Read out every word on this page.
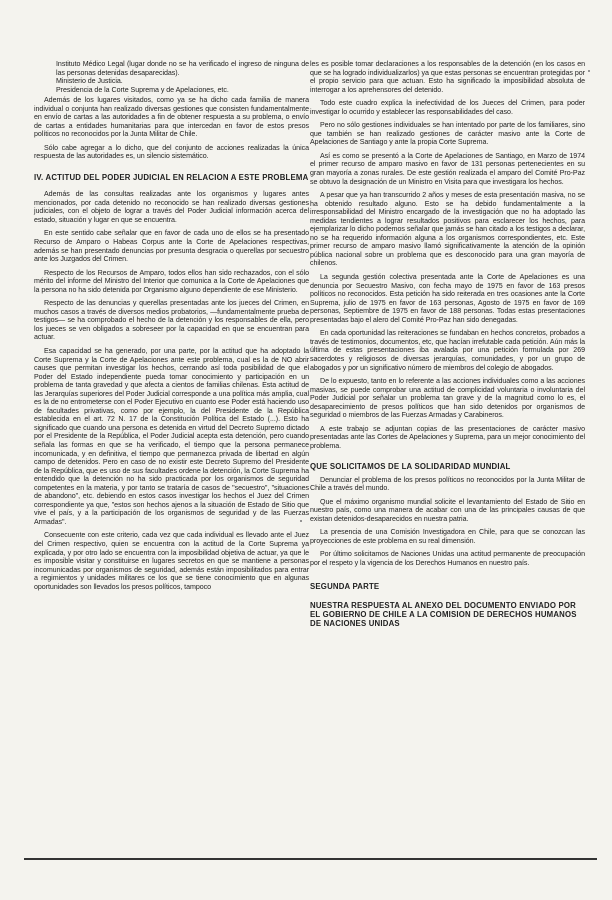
Instituto Médico Legal (lugar donde no se ha verificado el ingreso de ninguna de las personas detenidas desaparecidas).

Ministerio de Justicia.

Presidencia de la Corte Suprema y de Apelaciones, etc.

Además de los lugares visitados, como ya se ha dicho cada familia de manera individual o conjunta han realizado diversas gestiones que consisten fundamentalmente en envío de cartas a las autoridades a fin de obtener respuesta a su problema, o envío de cartas a entidades humanitarias para que intercedan en favor de estos presos políticos no reconocidos por la Junta Militar de Chile.

Sólo cabe agregar a lo dicho, que del conjunto de acciones realizadas la única respuesta de las autoridades es, un silencio sistemático.

IV. ACTITUD DEL PODER JUDICIAL EN RELACION A ESTE PROBLEMA

Además de las consultas realizadas ante los organismos y lugares antes mencionados, por cada detenido no reconocido se han realizado diversas gestiones judiciales, con el objeto de lograr a través del Poder Judicial información acerca del estado, situación y lugar en que se encuentra.

En este sentido cabe señalar que en favor de cada uno de ellos se ha presentado Recurso de Amparo o Habeas Corpus ante la Corte de Apelaciones respectivas, además se han presentado denuncias por presunta desgracia o querellas por secuestro ante los Juzgados del Crimen.

Respecto de los Recursos de Amparo, todos ellos han sido rechazados, con el sólo mérito del informe del Ministro del Interior que comunica a la Corte de Apelaciones que la persona no ha sido detenida por Organismo alguno dependiente de ese Ministerio.

Respecto de las denuncias y querellas presentadas ante los jueces del Crimen, en muchos casos a través de diversos medios probatorios, —fundamentalmente prueba de testigos— se ha comprobado el hecho de la detención y los responsables de ella, pero los jueces se ven obligados a sobreseer por la capacidad en que se encuentran para actuar.

Esa capacidad se ha generado, por una parte, por la actitud que ha adoptado la Corte Suprema y la Corte de Apelaciones ante este problema, cual es la de NO abrir causes que permitan investigar los hechos, cerrando así toda posibilidad de que el Poder del Estado independiente pueda tomar conocimiento y participación en un problema de tanta gravedad y que afecta a cientos de familias chilenas. Esta actitud de las Jerarquías superiores del Poder Judicial corresponde a una política más amplia, cual es la de no entrometerse con el Poder Ejecutivo en cuanto ese Poder está haciendo uso de facultades privativas, como por ejemplo, la del Presidente de la República establecida en el art. 72 N. 17 de la Constitución Política del Estado (...). Esto ha significado que cuando una persona es detenida en virtud del Decreto Supremo dictado por el Presidente de la República, el Poder Judicial acepta esta detención, pero cuando señala las formas en que se ha verificado, el tiempo que la persona permanece incomunicada, y en definitiva, el tiempo que permanezca privada de libertad en algún campo de detenidos. Pero en caso de no existir este Decreto Supremo del Presidente de la República, que es uso de sus facultades ordene la detención, la Corte Suprema ha entendido que la detención no ha sido practicada por los organismos de seguridad competentes en la materia, y por tanto se trataría de casos de "secuestro", "situaciones de abandono", etc. debiendo en estos casos investigar los hechos el Juez del Crimen correspondiente ya que, "estos son hechos ajenos a la situación de Estado de Sitio que vive el país, y a la participación de los organismos de seguridad y de las Fuerzas Armadas".

Consecuente con este criterio, cada vez que cada individual es llevado ante el Juez del Crimen respectivo, quien se encuentra con la actitud de la Corte Suprema ya explicada, y por otro lado se encuentra con la imposibilidad objetiva de actuar, ya que le es imposible visitar y constituirse en lugares secretos en que se mantiene a personas incomunicadas por organismos de seguridad, además están imposibilitados para entrar a regimientos y unidades militares ce los que se tiene conocimiento que en algunas oportunidades son llevados los presos políticos, tampoco

les es posible tomar declaraciones a los responsables de la detención (en los casos en que se ha logrado individualizarlos) ya que estas personas se encuentran protegidas por el propio servicio para que actuan. Esto ha significado la imposibilidad absoluta de interrogar a los aprehensores del detenido.

Todo este cuadro explica la inefectividad de los Jueces del Crimen, para poder investigar lo ocurrido y establecer las responsabilidades del caso.

Pero no sólo gestiones individuales se han intentado por parte de los familiares, sino que también se han realizado gestiones de carácter masivo ante la Corte de Apelaciones de Santiago y ante la propia Corte Suprema.

Así es como se presentó a la Corte de Apelaciones de Santiago, en Marzo de 1974 el primer recurso de amparo masivo en favor de 131 personas pertenecientes en su gran mayoría a zonas rurales. De este gestión realizada el amparo del Comité Pro-Paz se obtuvo la designación de un Ministro en Visita para que investigara los hechos.

A pesar que ya han transcurrido 2 años y meses de esta presentación masiva, no se ha obtenido resultado alguno. Esto se ha debido fundamentalmente a la irresponsabilidad del Ministro encargado de la investigación que no ha adoptado las medidas tendientes a lograr resultados positivos para esclarecer los hechos, para ejemplarizar lo dicho podemos señalar que jamás se han citado a los testigos a declarar, no se ha requerido información alguna a los organismos correspondientes, etc. Este primer recurso de amparo masivo llamó significativamente la atención de la opinión pública nacional sobre un problema que es desconocido para una gran mayoría de chilenos.

La segunda gestión colectiva presentada ante la Corte de Apelaciones es una denuncia por Secuestro Masivo, con fecha mayo de 1975 en favor de 163 presos políticos no reconocidos. Esta petición ha sido reiterada en tres ocasiones ante la Corte Suprema, julio de 1975 en favor de 163 personas, Agosto de 1975 en favor de 169 personas, Septiembre de 1975 en favor de 188 personas. Todas estas presentaciones presentadas bajo el alero del Comité Pro-Paz han sido denegadas.

En cada oportunidad las reiteraciones se fundaban en hechos concretos, probados a través de testimonios, documentos, etc, que hacían irrefutable cada petición. Aún más la última de estas presentaciones iba avalada por una petición formulada por 269 sacerdotes y religiosos de diversas jerarquías, comunidades, y por un grupo de abogados y por un significativo número de miembros del colegio de abogados.

De lo expuesto, tanto en lo referente a las acciones individuales como a las acciones masivas, se puede comprobar una actitud de complicidad voluntaria o involuntaria del Poder Judicial por señalar un problema tan grave y de la magnitud como lo es, el desaparecimiento de presos políticos que han sido detenidos por organismos de seguridad o miembros de las Fuerzas Armadas y Carabineros.

A este trabajo se adjuntan copias de las presentaciones de carácter masivo presentadas ante las Cortes de Apelaciones y Suprema, para un mejor conocimiento del problema.

QUE SOLICITAMOS DE LA SOLIDARIDAD MUNDIAL

Denunciar el problema de los presos políticos no reconocidos por la Junta Militar de Chile a través del mundo.

Que el máximo organismo mundial solicite el levantamiento del Estado de Sitio en nuestro país, como una manera de acabar con una de las principales causas de que existan detenidos-desaparecidos en nuestra patria.

La presencia de una Comisión Investigadora en Chile, para que se conozcan las proyecciones de este problema en su real dimensión.

Por último solicitamos de Naciones Unidas una actitud permanente de preocupación por el respeto y la vigencia de los Derechos Humanos en nuestro país.

SEGUNDA PARTE
NUESTRA RESPUESTA AL ANEXO DEL DOCUMENTO ENVIADO POR EL GOBIERNO DE CHILE A LA COMISION DE DERECHOS HUMANOS DE NACIONES UNIDAS
